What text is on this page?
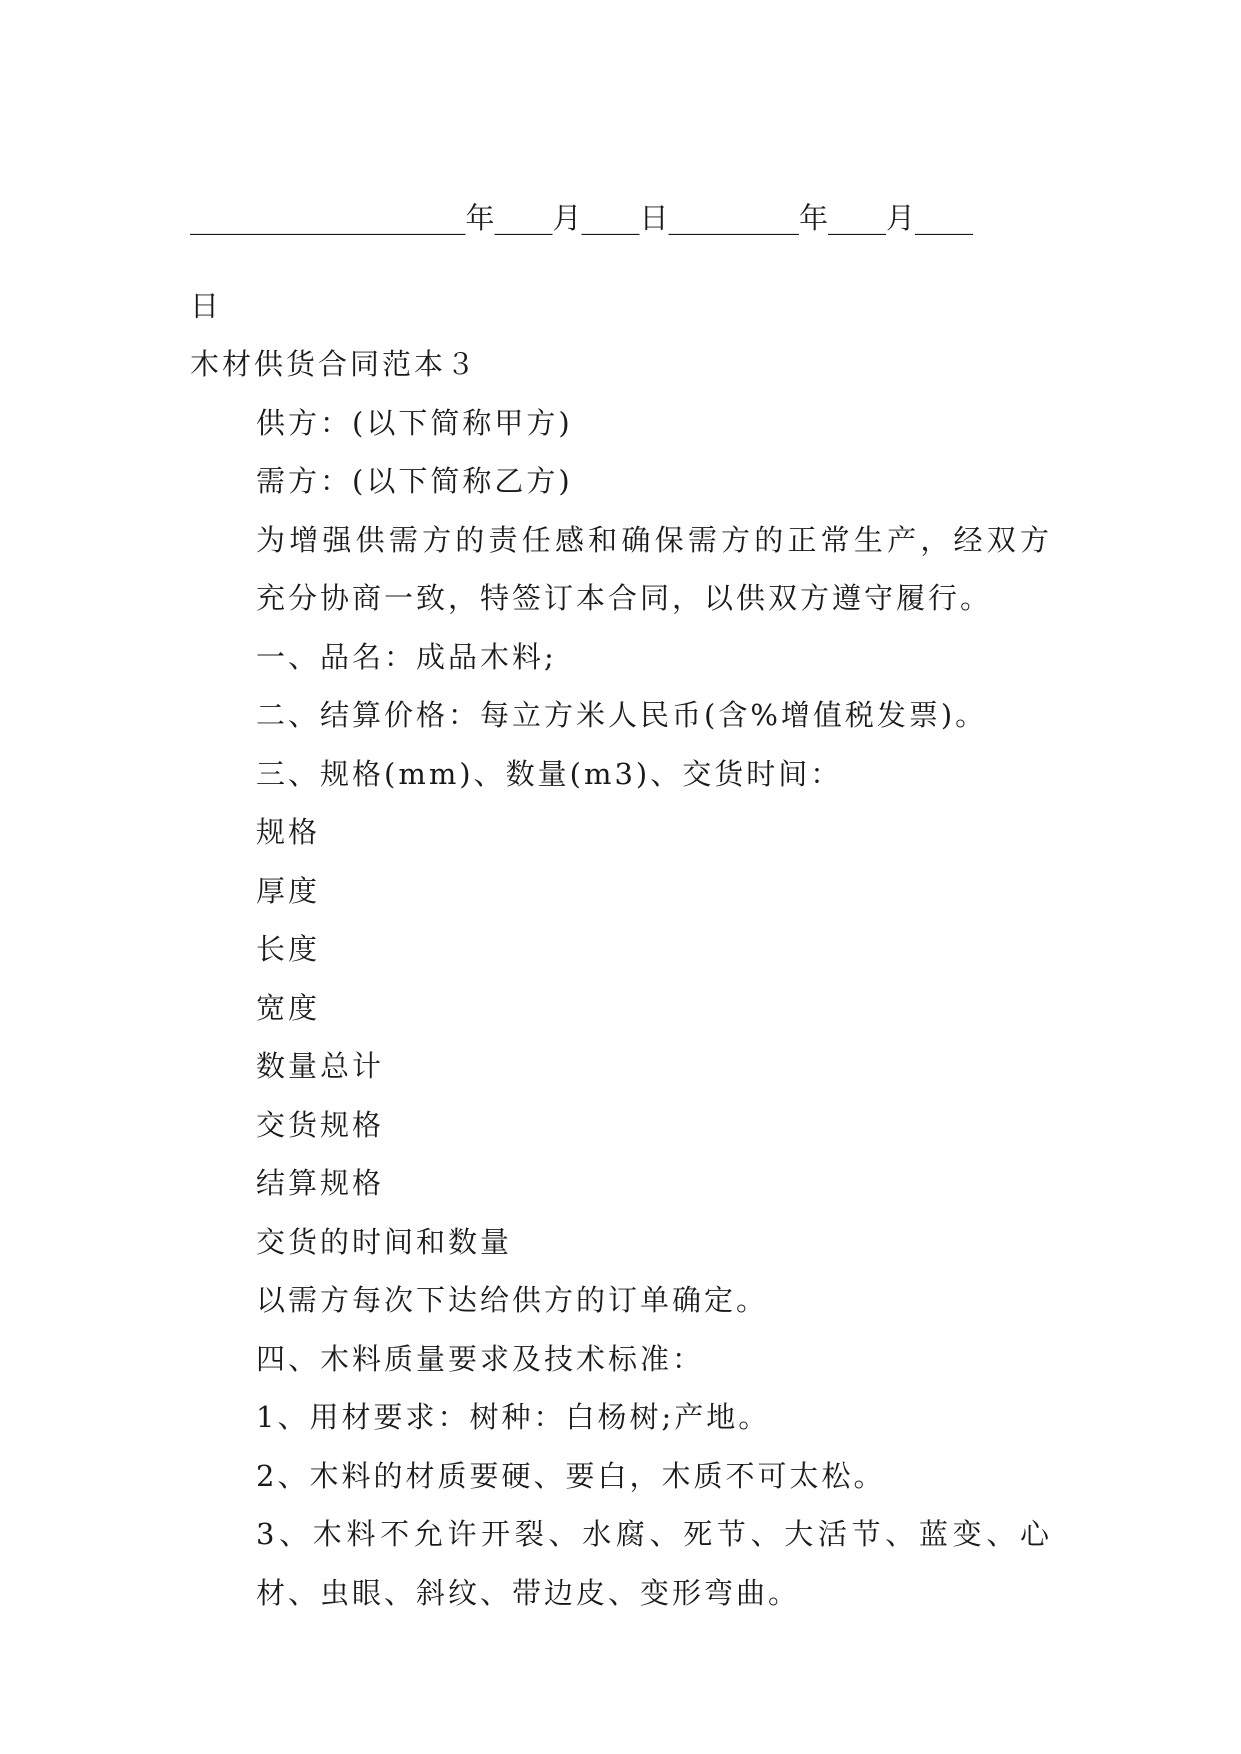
___________________年____月____日_________年____月____

日

木材供货合同范本３

供方：(以下简称甲方)

需方：(以下简称乙方)

为增强供需方的责任感和确保需方的正常生产，经双方充分协商一致，特签订本合同，以供双方遵守履行。

一、品名：成品木料;

二、结算价格：每立方米人民币(含%增值税发票)。

三、规格(mm)、数量(m3)、交货时间：

规格

厚度

长度

宽度

数量总计

交货规格

结算规格

交货的时间和数量

以需方每次下达给供方的订单确定。

四、木料质量要求及技术标准：

1、用材要求：树种：白杨树;产地。

2、木料的材质要硬、要白，木质不可太松。

3、木料不允许开裂、水腐、死节、大活节、蓝变、心材、虫眼、斜纹、带边皮、变形弯曲。
